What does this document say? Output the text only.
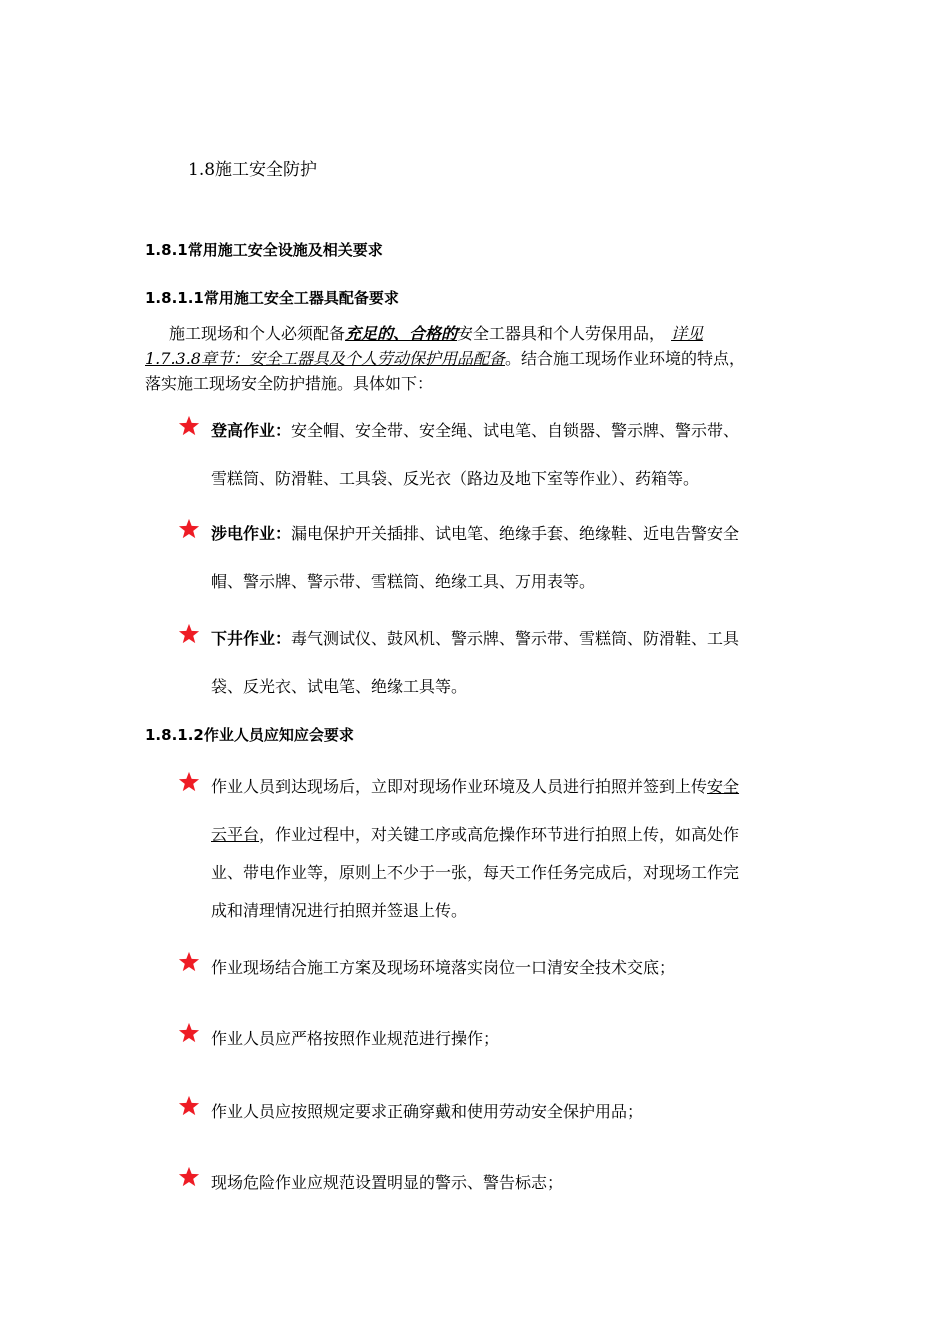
1.8施工安全防护
1.8.1常用施工安全设施及相关要求
1.8.1.1常用施工安全工器具配备要求
施工现场和个人必须配备充足的、合格的安全工器具和个人劳保用品， 详见
1.7.3.8章节：安全工器具及个人劳动保护用品配备。结合施工现场作业环境的特点，
落实施工现场安全防护措施。具体如下：
登高作业：安全帽、安全带、安全绳、试电笔、自锁器、警示牌、警示带、
雪糕筒、防滑鞋、工具袋、反光衣（路边及地下室等作业）、药箱等。
涉电作业：漏电保护开关插排、试电笔、绝缘手套、绝缘鞋、近电告警安全
帽、警示牌、警示带、雪糕筒、绝缘工具、万用表等。
下井作业：毒气测试仪、鼓风机、警示牌、警示带、雪糕筒、防滑鞋、工具
袋、反光衣、试电笔、绝缘工具等。
1.8.1.2作业人员应知应会要求
作业人员到达现场后，立即对现场作业环境及人员进行拍照并签到上传安全
云平台，作业过程中，对关键工序或高危操作环节进行拍照上传，如高处作
业、带电作业等，原则上不少于一张，每天工作任务完成后，对现场工作完
成和清理情况进行拍照并签退上传。
作业现场结合施工方案及现场环境落实岗位一口清安全技术交底；
作业人员应严格按照作业规范进行操作；
作业人员应按照规定要求正确穿戴和使用劳动安全保护用品；
现场危险作业应规范设置明显的警示、警告标志；
